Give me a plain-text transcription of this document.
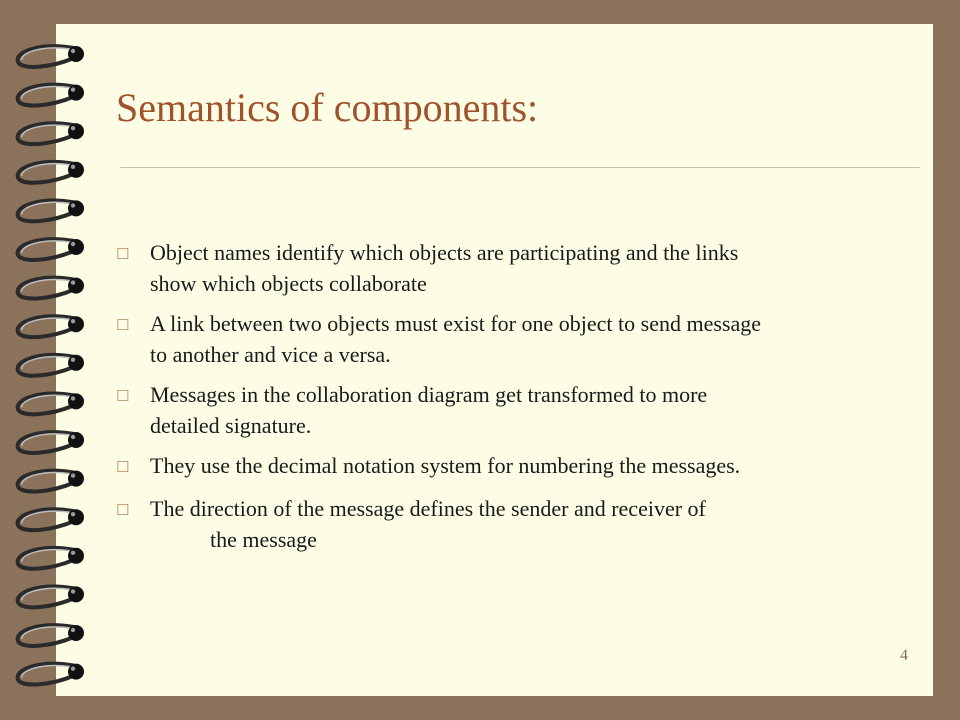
Semantics of components:
☐ Object names identify which objects are participating and the links
show which objects collaborate
☐ A link between two objects must exist for one object to send message
to another and vice a versa.
☐ Messages in the collaboration diagram get transformed to more
detailed signature.
☐ They use the decimal notation system for numbering the messages.
☐ The direction of the message defines the sender and receiver of

the message
4
